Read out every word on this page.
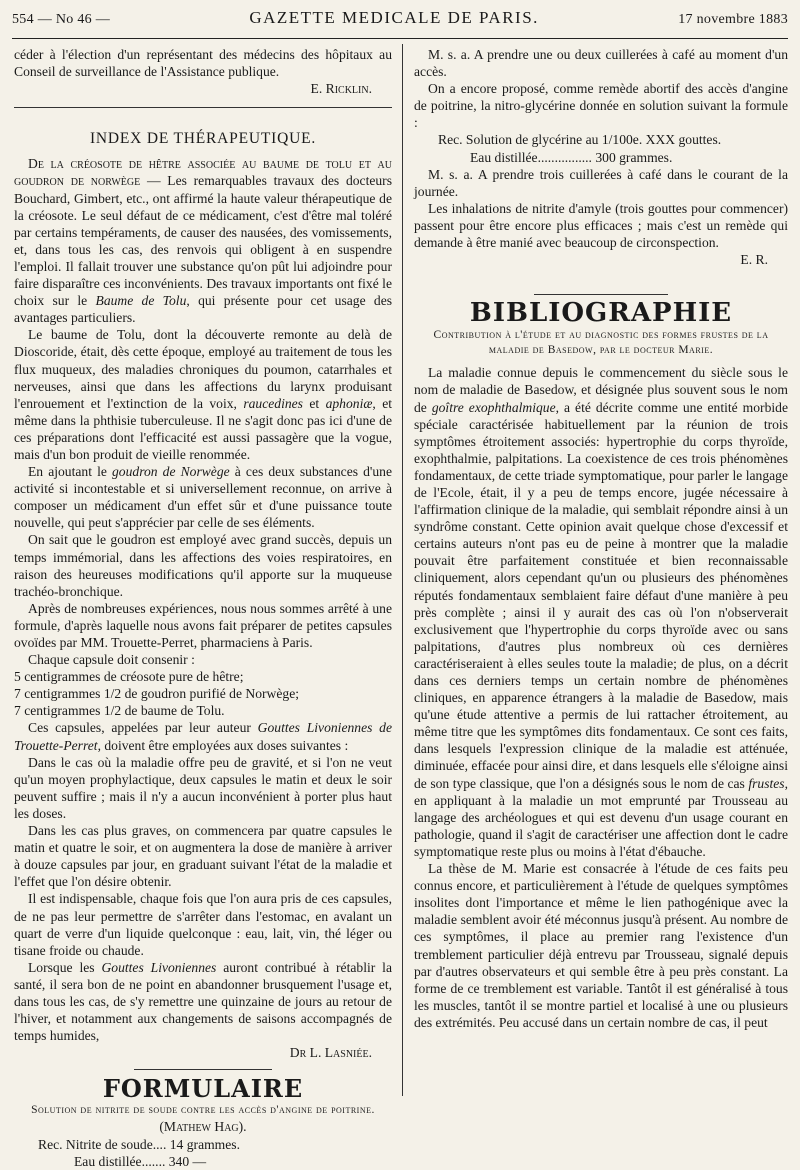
554 — No 46 —	GAZETTE MEDICALE DE PARIS.	17 novembre 1883

céder à l'élection d'un représentant des médecins des hôpitaux au Conseil de surveillance de l'Assistance publique.

E. Ricklin.

INDEX DE THÉRAPEUTIQUE.

De la créosote de hêtre associée au baume de tolu et au goudron de norwège — Les remarquables travaux des docteurs Bouchard, Gimbert, etc., ont affirmé la haute valeur thérapeutique de la créosote. Le seul défaut de ce médicament, c'est d'être mal toléré par certains tempéraments, de causer des nausées, des vomissements, et, dans tous les cas, des renvois qui obligent à en suspendre l'emploi. Il fallait trouver une substance qu'on pût lui adjoindre pour faire disparaître ces inconvénients. Des travaux importants ont fixé le choix sur le Baume de Tolu, qui présente pour cet usage des avantages particuliers.

Le baume de Tolu, dont la découverte remonte au delà de Dioscoride, était, dès cette époque, employé au traitement de tous les flux muqueux, des maladies chroniques du poumon, catarrhales et nerveuses, ainsi que dans les affections du larynx produisant l'enrouement et l'extinction de la voix, raucedines et aphoniæ, et même dans la phthisie tuberculeuse. Il ne s'agit donc pas ici d'une de ces préparations dont l'efficacité est aussi passagère que la vogue, mais d'un bon produit de vieille renommée.

En ajoutant le goudron de Norwège à ces deux substances d'une activité si incontestable et si universellement reconnue, on arrive à composer un médicament d'un effet sûr et d'une puissance toute nouvelle, qui peut s'apprécier par celle de ses éléments.

On sait que le goudron est employé avec grand succès, depuis un temps immémorial, dans les affections des voies respiratoires, en raison des heureuses modifications qu'il apporte sur la muqueuse trachéo-bronchique.

Après de nombreuses expériences, nous nous sommes arrêté à une formule, d'après laquelle nous avons fait préparer de petites capsules ovoïdes par MM. Trouette-Perret, pharmaciens à Paris.

Chaque capsule doit consenir :

5 centigrammes de créosote pure de hêtre;

7 centigrammes 1/2 de goudron purifié de Norwège;

7 centigrammes 1/2 de baume de Tolu.

Ces capsules, appelées par leur auteur Gouttes Livoniennes de Trouette-Perret, doivent être employées aux doses suivantes :

Dans le cas où la maladie offre peu de gravité, et si l'on ne veut qu'un moyen prophylactique, deux capsules le matin et deux le soir peuvent suffire ; mais il n'y a aucun inconvénient à porter plus haut les doses.

Dans les cas plus graves, on commencera par quatre capsules le matin et quatre le soir, et on augmentera la dose de manière à arriver à douze capsules par jour, en graduant suivant l'état de la maladie et l'effet que l'on désire obtenir.

Il est indispensable, chaque fois que l'on aura pris de ces capsules, de ne pas leur permettre de s'arrêter dans l'estomac, en avalant un quart de verre d'un liquide quelconque : eau, lait, vin, thé léger ou tisane froide ou chaude.

Lorsque les Gouttes Livoniennes auront contribué à rétablir la santé, il sera bon de ne point en abandonner brusquement l'usage et, dans tous les cas, de s'y remettre une quinzaine de jours au retour de l'hiver, et notamment aux changements de saisons accompagnés de temps humides,

Dr L. Lasniée.

FORMULAIRE

Solution de nitrite de soude contre les accès d'angine de poitrine.

(Mathew Hag).

Rec. Nitrite de soude.... 14 grammes.

Eau distillée....... 340 —

M. s. a. A prendre une ou deux cuillerées à café au moment d'un accès.

On a encore proposé, comme remède abortif des accès d'angine de poitrine, la nitro-glycérine donnée en solution suivant la formule :

Rec. Solution de glycérine au 1/100e. XXX gouttes.

Eau distillée................ 300 grammes.

M. s. a. A prendre trois cuillerées à café dans le courant de la journée.

Les inhalations de nitrite d'amyle (trois gouttes pour commencer) passent pour être encore plus efficaces ; mais c'est un remède qui demande à être manié avec beaucoup de circonspection.

E. R.

BIBLIOGRAPHIE

Contribution à l'étude et au diagnostic des formes frustes de la maladie de Basedow, par le docteur Marie.

La maladie connue depuis le commencement du siècle sous le nom de maladie de Basedow, et désignée plus souvent sous le nom de goître exophthalmique, a été décrite comme une entité morbide spéciale caractérisée habituellement par la réunion de trois symptômes étroitement associés: hypertrophie du corps thyroïde, exophthalmie, palpitations. La coexistence de ces trois phénomènes fondamentaux, de cette triade symptomatique, pour parler le langage de l'Ecole, était, il y a peu de temps encore, jugée nécessaire à l'affirmation clinique de la maladie, qui semblait répondre ainsi à un syndrôme constant. Cette opinion avait quelque chose d'excessif et certains auteurs n'ont pas eu de peine à montrer que la maladie pouvait être parfaitement constituée et bien reconnaissable cliniquement, alors cependant qu'un ou plusieurs des phénomènes réputés fondamentaux semblaient faire défaut d'une manière à peu près complète ; ainsi il y aurait des cas où l'on n'observerait exclusivement que l'hypertrophie du corps thyroïde avec ou sans palpitations, d'autres plus nombreux où ces dernières caractériseraient à elles seules toute la maladie; de plus, on a décrit dans ces derniers temps un certain nombre de phénomènes cliniques, en apparence étrangers à la maladie de Basedow, mais qu'une étude attentive a permis de lui rattacher étroitement, au même titre que les symptômes dits fondamentaux. Ce sont ces faits, dans lesquels l'expression clinique de la maladie est atténuée, diminuée, effacée pour ainsi dire, et dans lesquels elle s'éloigne ainsi de son type classique, que l'on a désignés sous le nom de cas frustes, en appliquant à la maladie un mot emprunté par Trousseau au langage des archéologues et qui est devenu d'un usage courant en pathologie, quand il s'agit de caractériser une affection dont le cadre symptomatique reste plus ou moins à l'état d'ébauche.

La thèse de M. Marie est consacrée à l'étude de ces faits peu connus encore, et particulièrement à l'étude de quelques symptômes insolites dont l'importance et même le lien pathogénique avec la maladie semblent avoir été méconnus jusqu'à présent. Au nombre de ces symptômes, il place au premier rang l'existence d'un tremblement particulier déjà entrevu par Trousseau, signalé depuis par d'autres observateurs et qui semble être à peu près constant. La forme de ce tremblement est variable. Tantôt il est généralisé à tous les muscles, tantôt il se montre partiel et localisé à une ou plusieurs des extrémités. Peu accusé dans un certain nombre de cas, il peut
